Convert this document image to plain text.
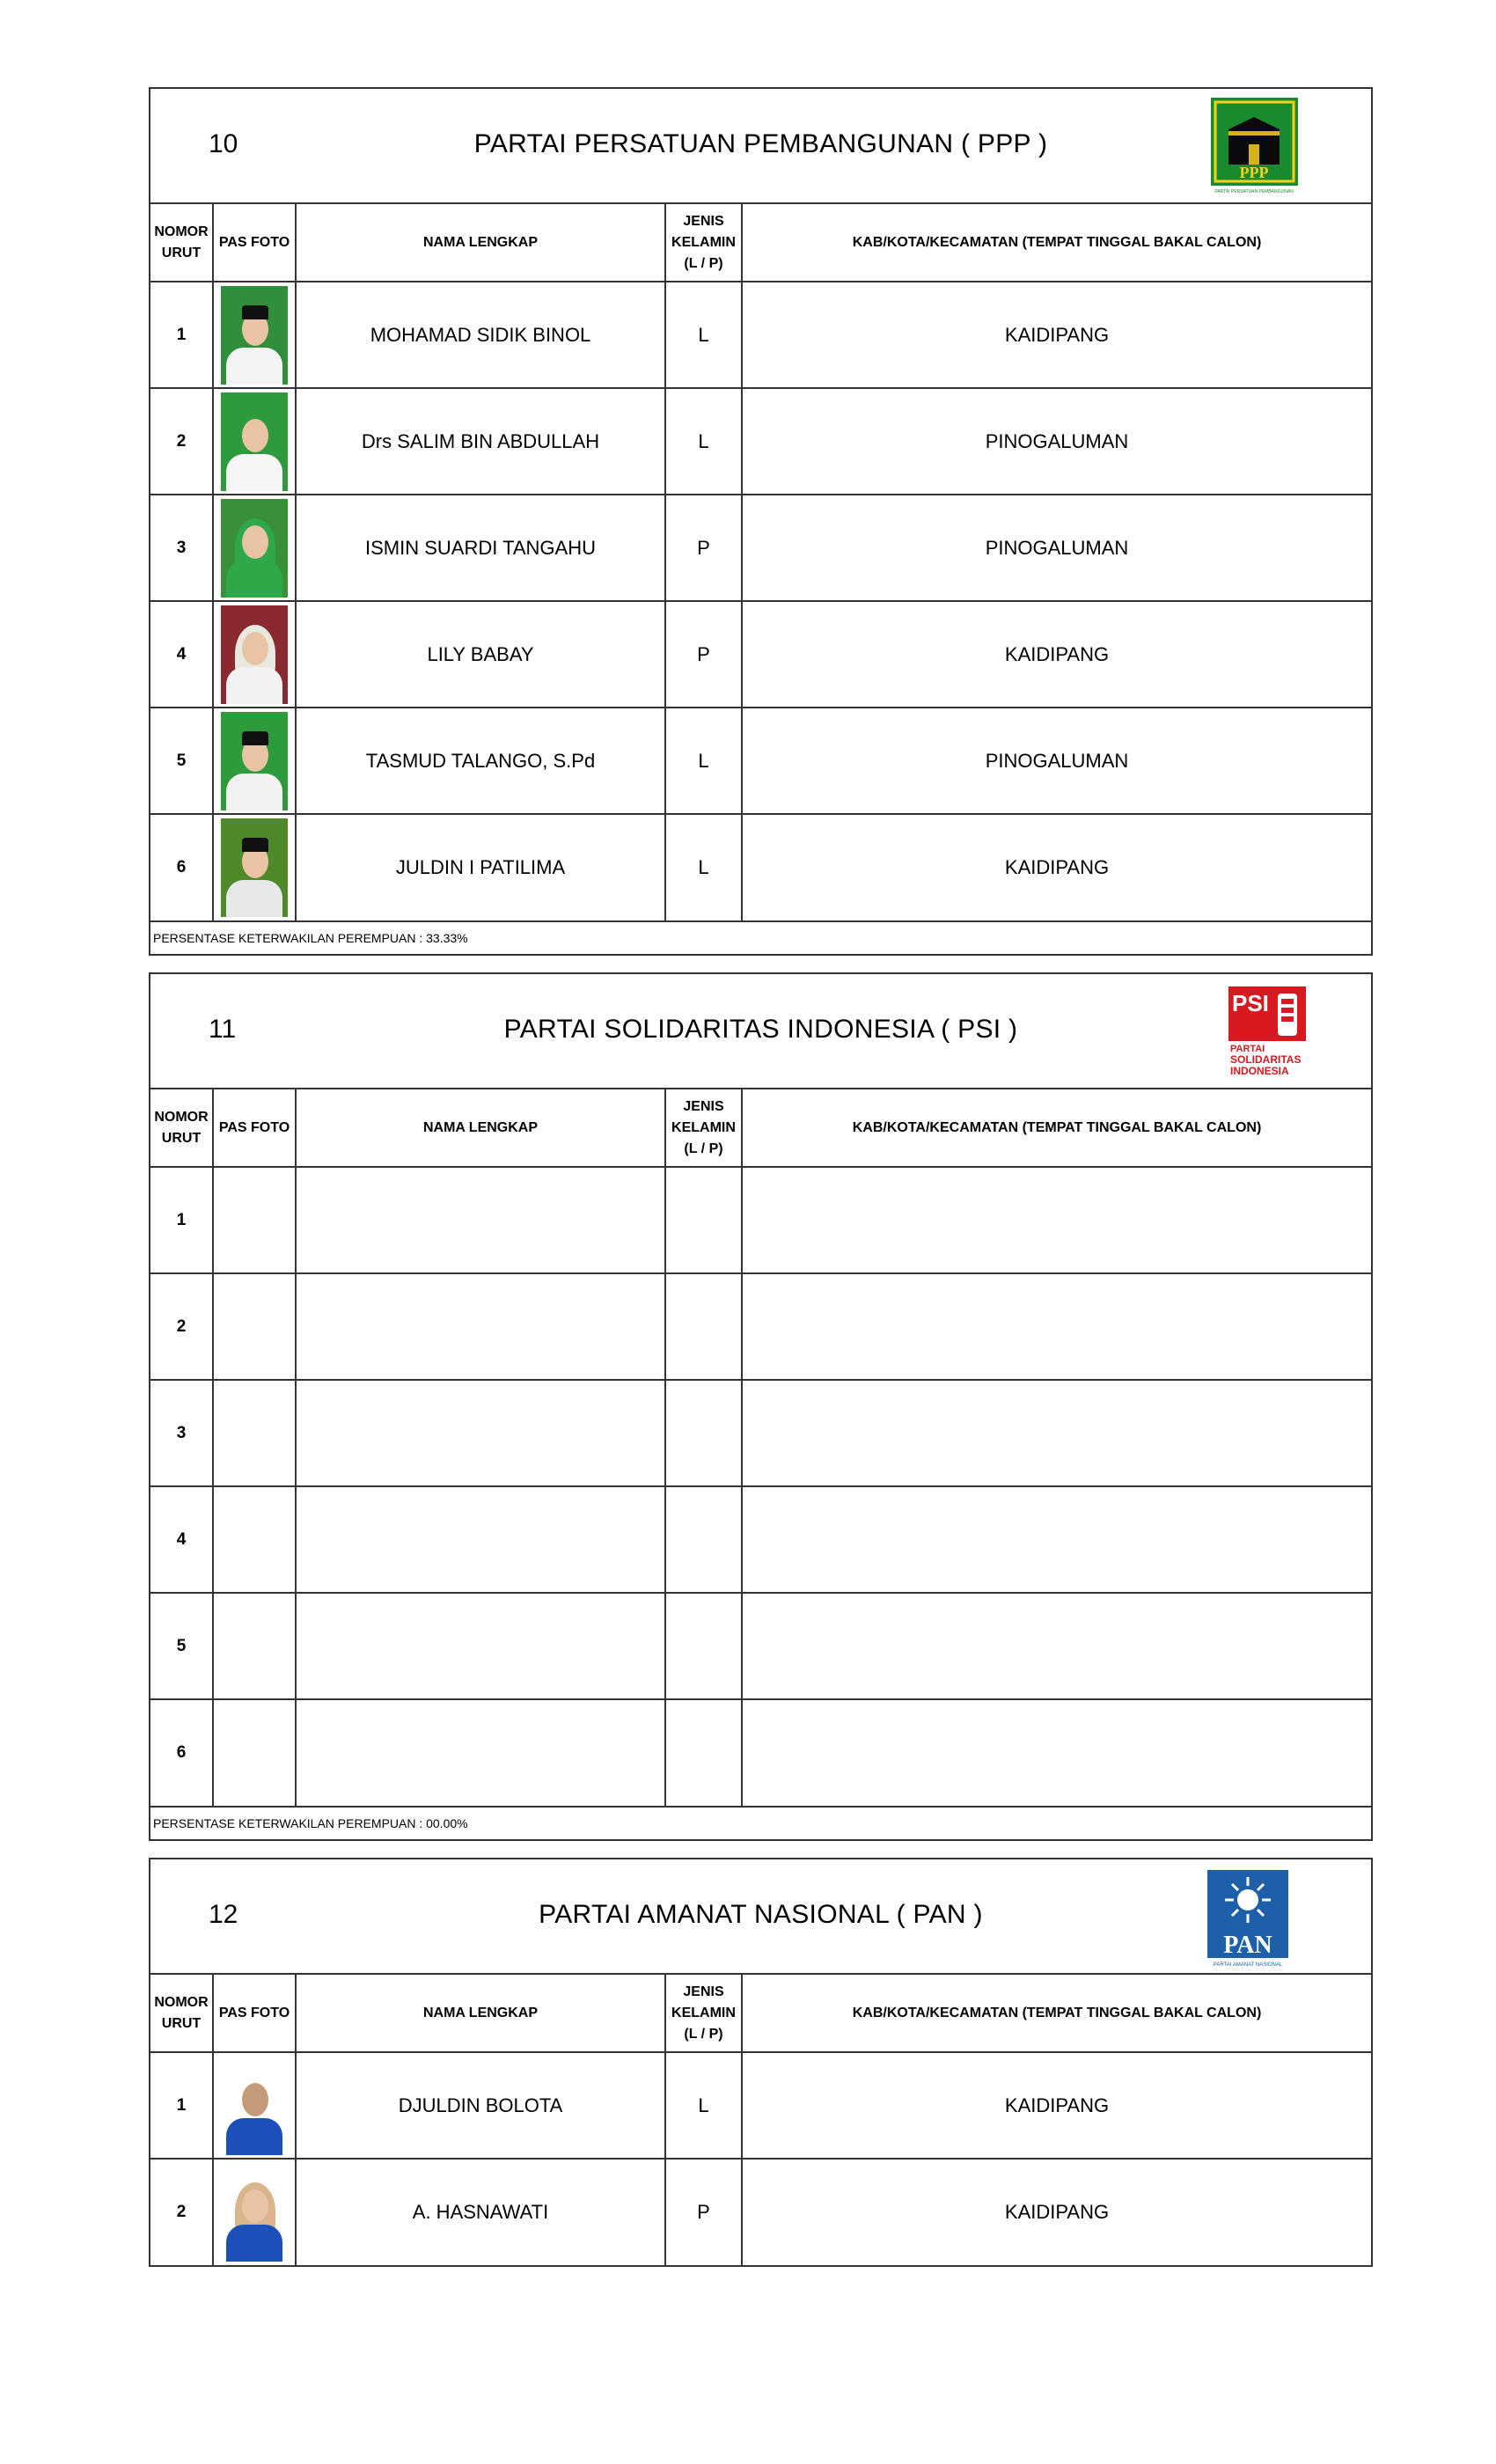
10	PARTAI PERSATUAN PEMBANGUNAN ( PPP )
PPP
PARTAI PERSATUAN PEMBANGUNAN
NOMOR URUT	PAS FOTO	NAMA LENGKAP	JENIS KELAMIN (L / P)	KAB/KOTA/KECAMATAN (TEMPAT TINGGAL BAKAL CALON)
1		MOHAMAD SIDIK BINOL	L	KAIDIPANG
2		Drs SALIM BIN ABDULLAH	L	PINOGALUMAN
3		ISMIN SUARDI TANGAHU	P	PINOGALUMAN
4		LILY BABAY	P	KAIDIPANG
5		TASMUD TALANGO, S.Pd	L	PINOGALUMAN
6		JULDIN I PATILIMA	L	KAIDIPANG
PERSENTASE KETERWAKILAN PEREMPUAN : 33.33%
11	PARTAI SOLIDARITAS INDONESIA ( PSI )
PSI
PARTAI
SOLIDARITAS
INDONESIA
NOMOR URUT	PAS FOTO	NAMA LENGKAP	JENIS KELAMIN (L / P)	KAB/KOTA/KECAMATAN (TEMPAT TINGGAL BAKAL CALON)
1				
2				
3				
4				
5				
6				
PERSENTASE KETERWAKILAN PEREMPUAN : 00.00%
12	PARTAI AMANAT NASIONAL ( PAN )
PAN
PARTAI AMANAT NASIONAL
NOMOR URUT	PAS FOTO	NAMA LENGKAP	JENIS KELAMIN (L / P)	KAB/KOTA/KECAMATAN (TEMPAT TINGGAL BAKAL CALON)
1		DJULDIN BOLOTA	L	KAIDIPANG
2		A. HASNAWATI	P	KAIDIPANG
